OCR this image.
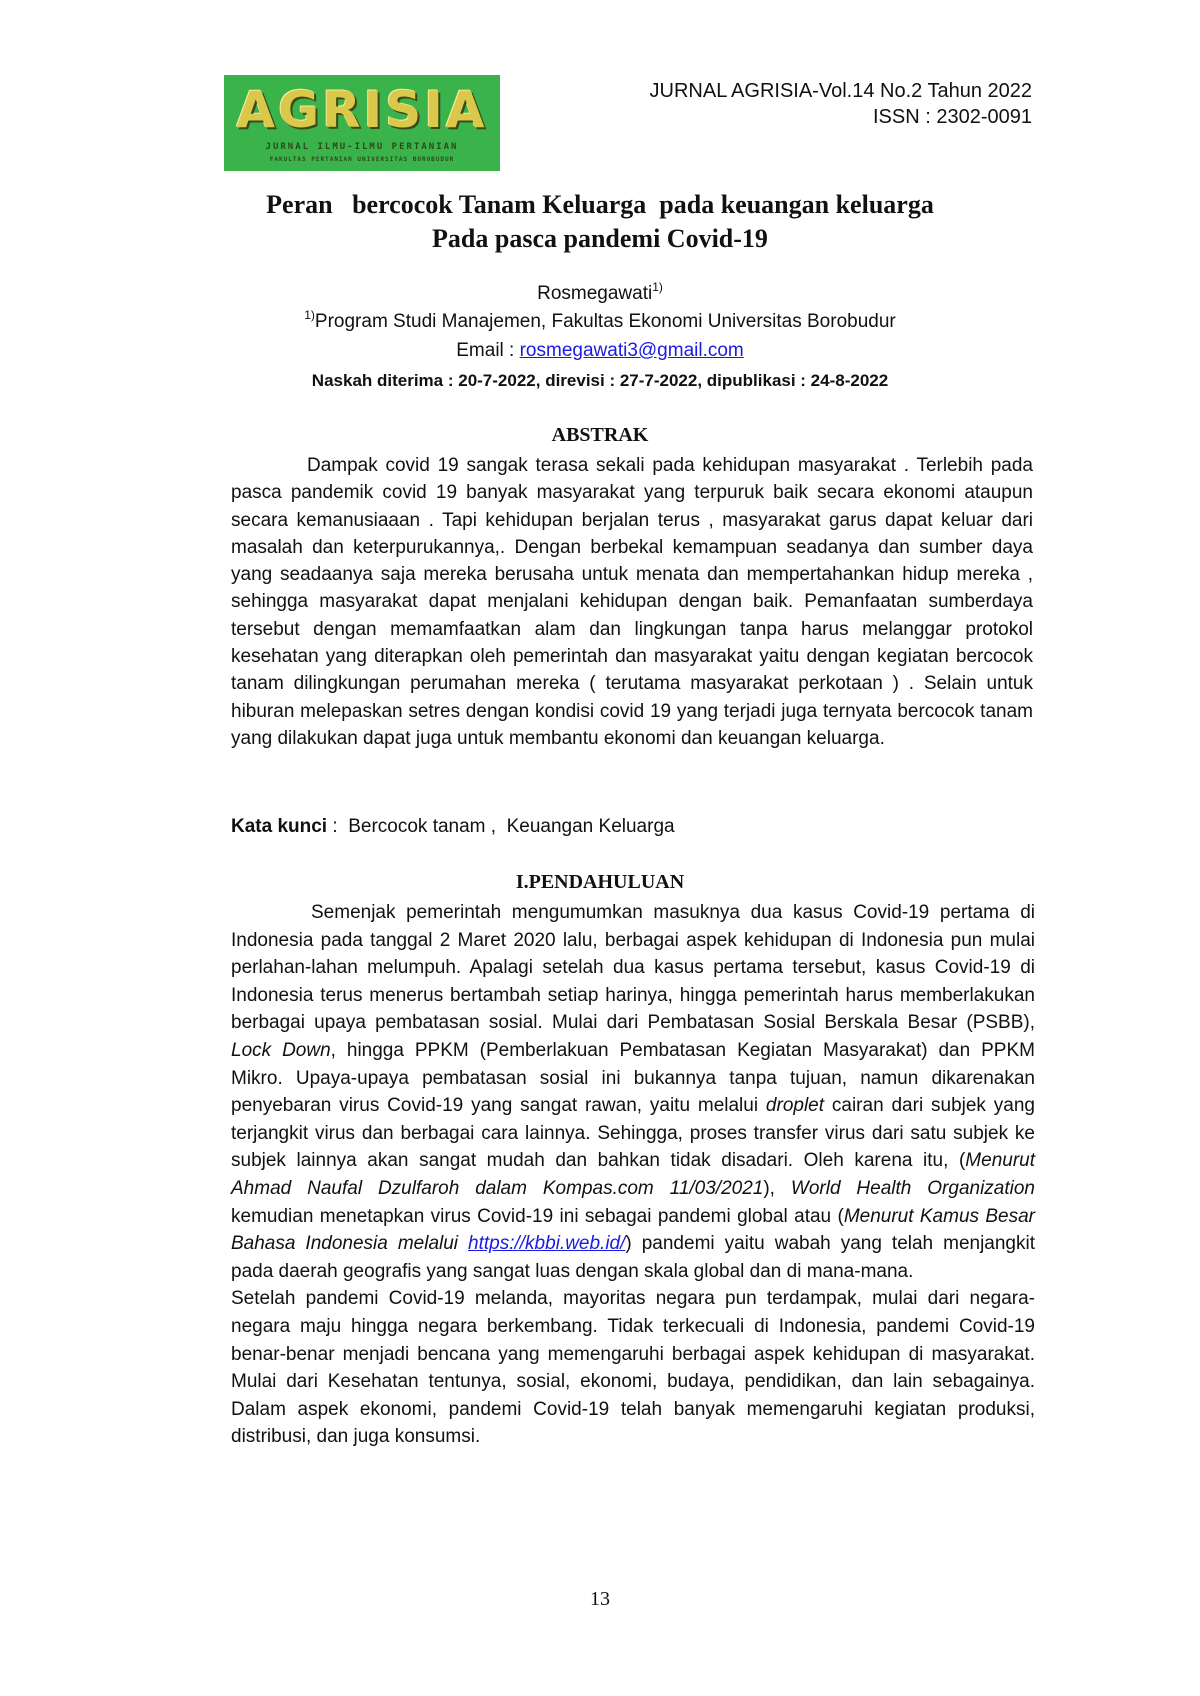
AGRISIA
JURNAL ILMU-ILMU PERTANIAN
FAKULTAS PERTANIAN UNIVERSITAS BOROBUDUR
JURNAL AGRISIA-Vol.14 No.2 Tahun 2022
ISSN : 2302-0091
Peran   bercocok Tanam Keluarga  pada keuangan keluarga
Pada pasca pandemi Covid-19
Rosmegawati$^{1)}$
$^{1)}$Program Studi Manajemen, Fakultas Ekonomi Universitas Borobudur
Email : rosmegawati3@gmail.com
Naskah diterima : 20-7-2022, direvisi : 27-7-2022, dipublikasi : 24-8-2022
ABSTRAK

Dampak covid 19 sangak terasa sekali pada kehidupan masyarakat . Terlebih pada pasca pandemik covid 19 banyak masyarakat yang terpuruk baik secara ekonomi ataupun secara kemanusiaaan . Tapi kehidupan berjalan terus , masyarakat garus dapat keluar dari masalah dan keterpurukannya,. Dengan berbekal kemampuan seadanya dan sumber daya yang seadaanya saja mereka berusaha untuk menata dan mempertahankan hidup mereka , sehingga masyarakat dapat menjalani kehidupan dengan baik. Pemanfaatan sumberdaya tersebut dengan memamfaatkan alam dan lingkungan tanpa harus melanggar protokol kesehatan yang diterapkan oleh pemerintah dan masyarakat yaitu dengan kegiatan bercocok tanam dilingkungan perumahan mereka ( terutama masyarakat perkotaan ) . Selain untuk hiburan melepaskan setres dengan kondisi covid 19 yang terjadi juga ternyata bercocok tanam yang dilakukan dapat juga untuk membantu ekonomi dan keuangan keluarga.

Kata kunci :  Bercocok tanam ,  Keuangan Keluarga
I.PENDAHULUAN

Semenjak pemerintah mengumumkan masuknya dua kasus Covid-19 pertama di Indonesia pada tanggal 2 Maret 2020 lalu, berbagai aspek kehidupan di Indonesia pun mulai perlahan-lahan melumpuh. Apalagi setelah dua kasus pertama tersebut, kasus Covid-19 di Indonesia terus menerus bertambah setiap harinya, hingga pemerintah harus memberlakukan berbagai upaya pembatasan sosial. Mulai dari Pembatasan Sosial Berskala Besar (PSBB), Lock Down, hingga PPKM (Pemberlakuan Pembatasan Kegiatan Masyarakat) dan PPKM Mikro. Upaya-upaya pembatasan sosial ini bukannya tanpa tujuan, namun dikarenakan penyebaran virus Covid-19 yang sangat rawan, yaitu melalui droplet cairan dari subjek yang terjangkit virus dan berbagai cara lainnya. Sehingga, proses transfer virus dari satu subjek ke subjek lainnya akan sangat mudah dan bahkan tidak disadari. Oleh karena itu, (Menurut Ahmad Naufal Dzulfaroh dalam Kompas.com 11/03/2021), World Health Organization kemudian menetapkan virus Covid-19 ini sebagai pandemi global atau (Menurut Kamus Besar Bahasa Indonesia melalui https://kbbi.web.id/) pandemi yaitu wabah yang telah menjangkit pada daerah geografis yang sangat luas dengan skala global dan di mana-mana.

Setelah pandemi Covid-19 melanda, mayoritas negara pun terdampak, mulai dari negara-negara maju hingga negara berkembang. Tidak terkecuali di Indonesia, pandemi Covid-19 benar-benar menjadi bencana yang memengaruhi berbagai aspek kehidupan di masyarakat. Mulai dari Kesehatan tentunya, sosial, ekonomi, budaya, pendidikan, dan lain sebagainya. Dalam aspek ekonomi, pandemi Covid-19 telah banyak memengaruhi kegiatan produksi, distribusi, dan juga konsumsi.

13
